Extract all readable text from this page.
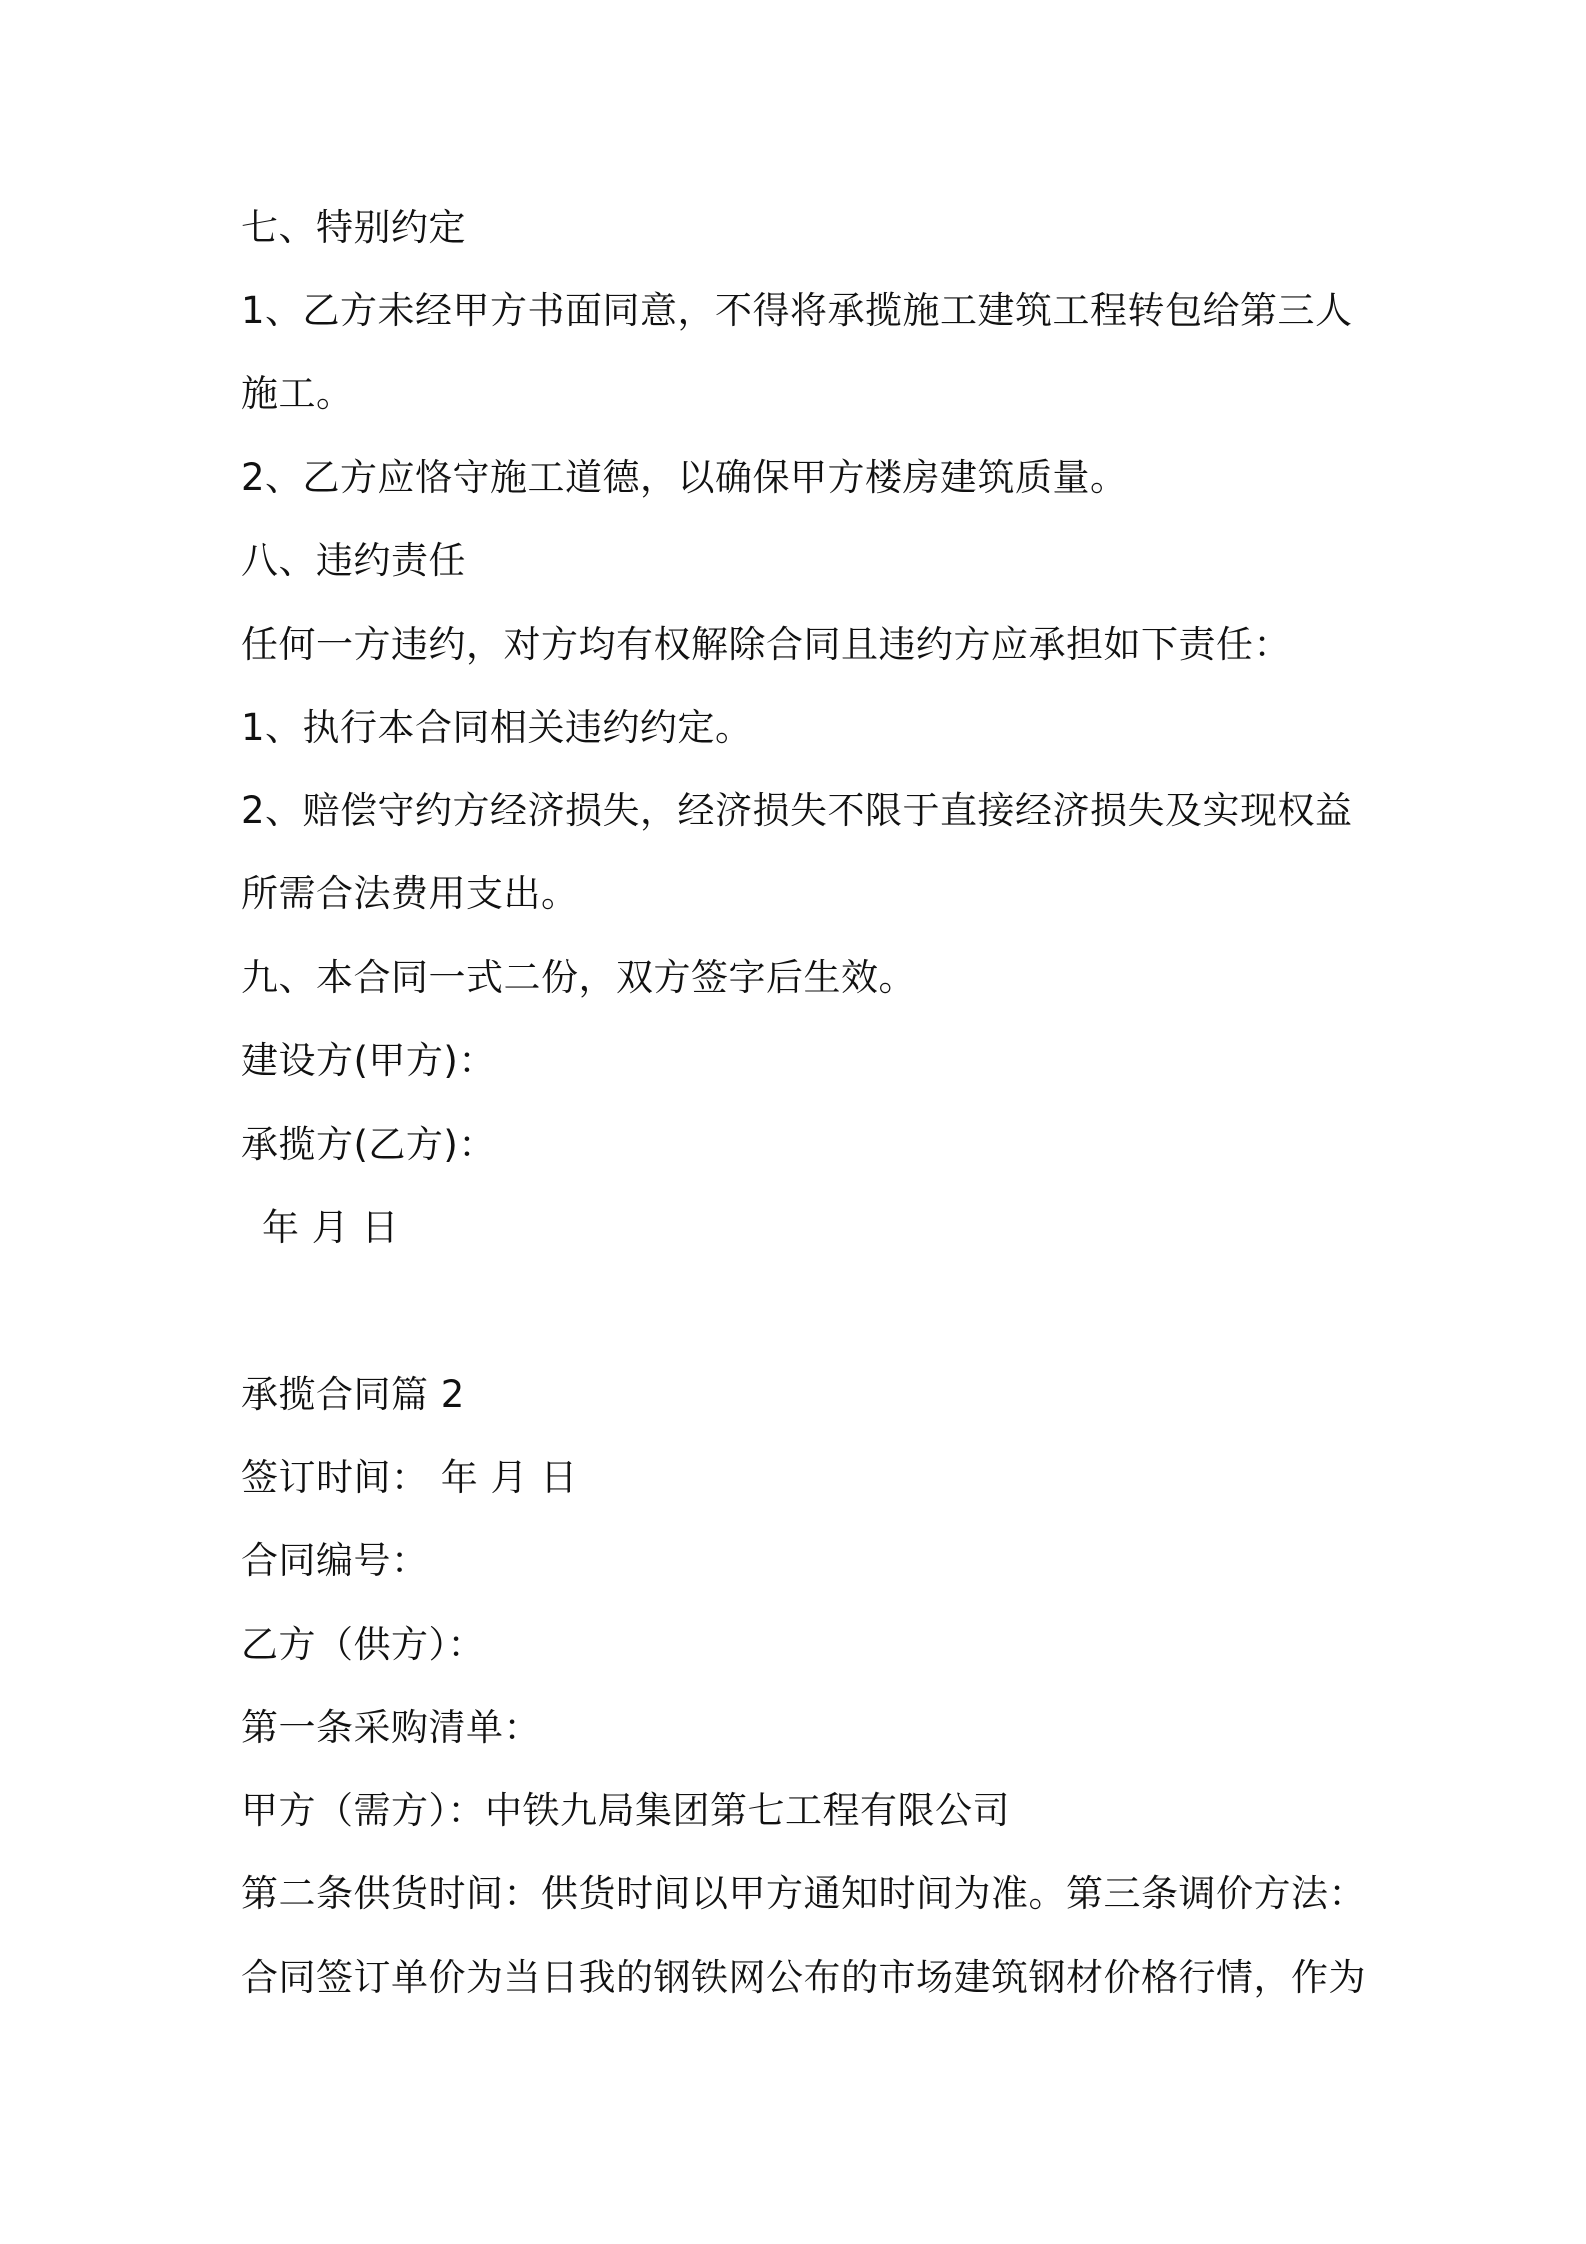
七、特别约定
1、乙方未经甲方书面同意，不得将承揽施工建筑工程转包给第三人
施工。
2、乙方应恪守施工道德，以确保甲方楼房建筑质量。
八、违约责任
任何一方违约，对方均有权解除合同且违约方应承担如下责任：
1、执行本合同相关违约约定。
2、赔偿守约方经济损失，经济损失不限于直接经济损失及实现权益
所需合法费用支出。
九、本合同一式二份，双方签字后生效。
建设方(甲方)：
承揽方(乙方)：
年 月 日
承揽合同篇 2
签订时间： 年 月 日
合同编号：
乙方（供方）：
第一条采购清单：
甲方（需方）：中铁九局集团第七工程有限公司
第二条供货时间：供货时间以甲方通知时间为准。第三条调价方法：
合同签订单价为当日我的钢铁网公布的市场建筑钢材价格行情，作为
